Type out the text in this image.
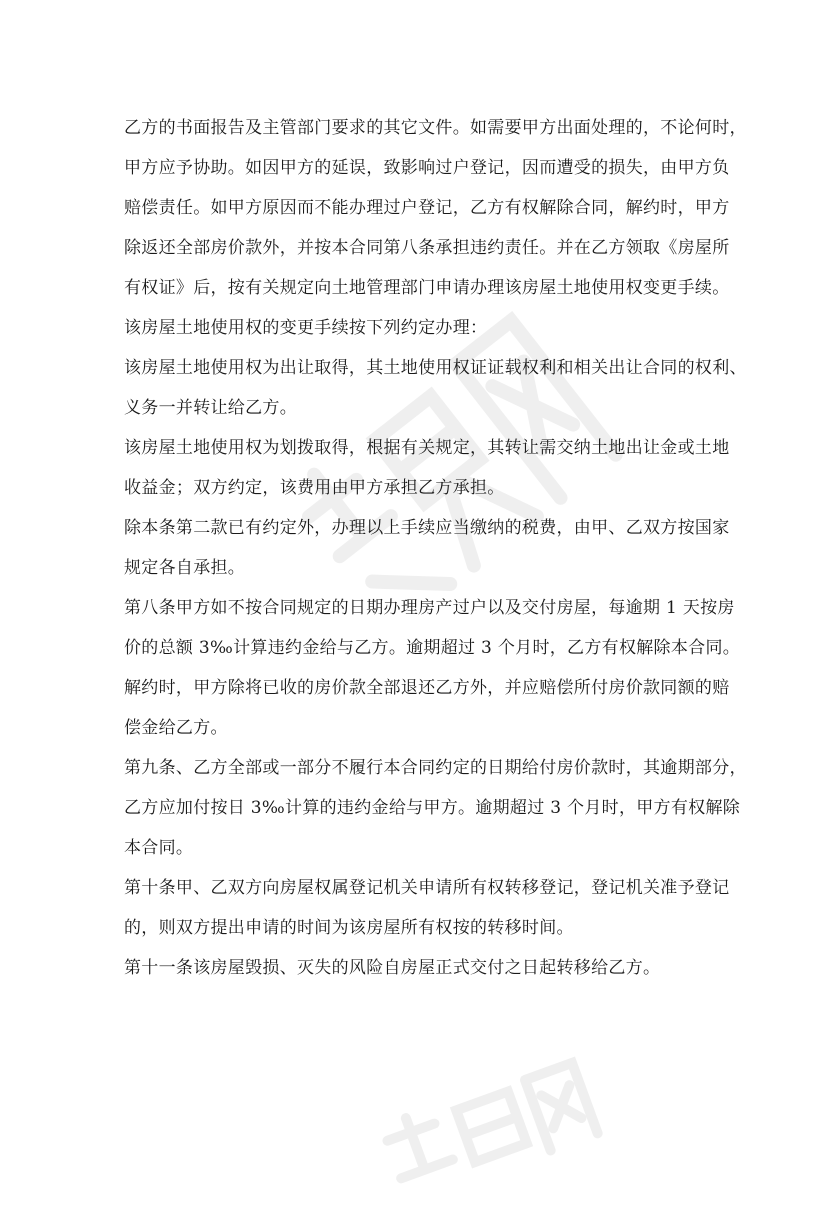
乙方的书面报告及主管部门要求的其它文件。如需要甲方出面处理的，不论何时，
甲方应予协助。如因甲方的延误，致影响过户登记，因而遭受的损失，由甲方负
赔偿责任。如甲方原因而不能办理过户登记，乙方有权解除合同，解约时，甲方
除返还全部房价款外，并按本合同第八条承担违约责任。并在乙方领取《房屋所
有权证》后，按有关规定向土地管理部门申请办理该房屋土地使用权变更手续。
该房屋土地使用权的变更手续按下列约定办理：
该房屋土地使用权为出让取得，其土地使用权证证载权利和相关出让合同的权利、
义务一并转让给乙方。
该房屋土地使用权为划拨取得，根据有关规定，其转让需交纳土地出让金或土地
收益金；双方约定，该费用由甲方承担乙方承担。
除本条第二款已有约定外，办理以上手续应当缴纳的税费，由甲、乙双方按国家
规定各自承担。
第八条甲方如不按合同规定的日期办理房产过户以及交付房屋，每逾期 1 天按房
价的总额 3‰计算违约金给与乙方。逾期超过 3 个月时，乙方有权解除本合同。
解约时，甲方除将已收的房价款全部退还乙方外，并应赔偿所付房价款同额的赔
偿金给乙方。
第九条、乙方全部或一部分不履行本合同约定的日期给付房价款时，其逾期部分，
乙方应加付按日 3‰计算的违约金给与甲方。逾期超过 3 个月时，甲方有权解除
本合同。
第十条甲、乙双方向房屋权属登记机关申请所有权转移登记，登记机关准予登记
的，则双方提出申请的时间为该房屋所有权按的转移时间。
第十一条该房屋毁损、灭失的风险自房屋正式交付之日起转移给乙方。
